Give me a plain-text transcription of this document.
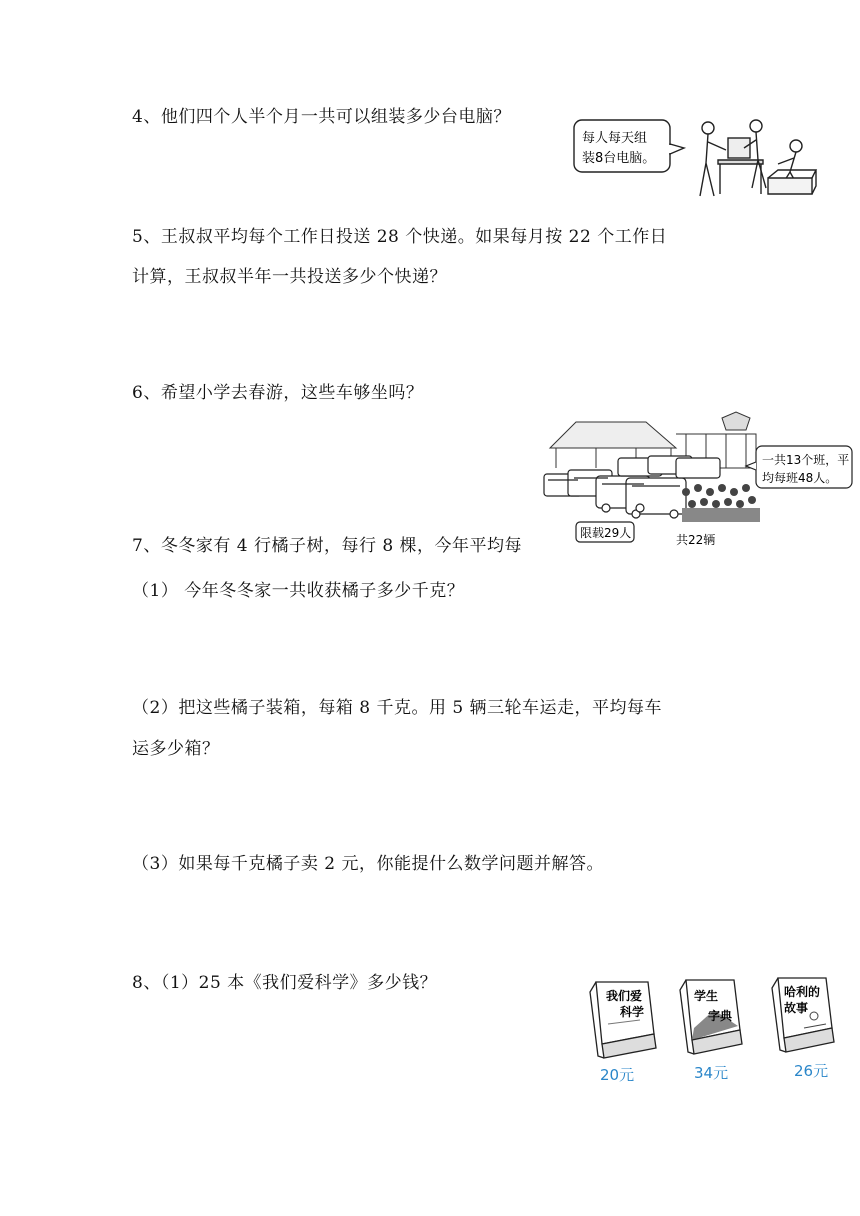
4、他们四个人半个月一共可以组装多少台电脑？
每人每天组
装8台电脑。
5、王叔叔平均每个工作日投送 28 个快递。如果每月按 22 个工作日
计算，王叔叔半年一共投送多少个快递？
6、希望小学去春游，这些车够坐吗？
一共13个班，平
均每班48人。
限载29人	共22辆
7、冬冬家有 4 行橘子树，每行 8 棵，今年平均每
（1） 今年冬冬家一共收获橘子多少千克？
（2）把这些橘子装箱，每箱 8 千克。用 5 辆三轮车运走，平均每车
运多少箱？
（3）如果每千克橘子卖 2 元，你能提什么数学问题并解答。
8、（1）25 本《我们爱科学》多少钱？
我们爱
科学
20元
学生
字典
34元
哈利的
故事
26元
